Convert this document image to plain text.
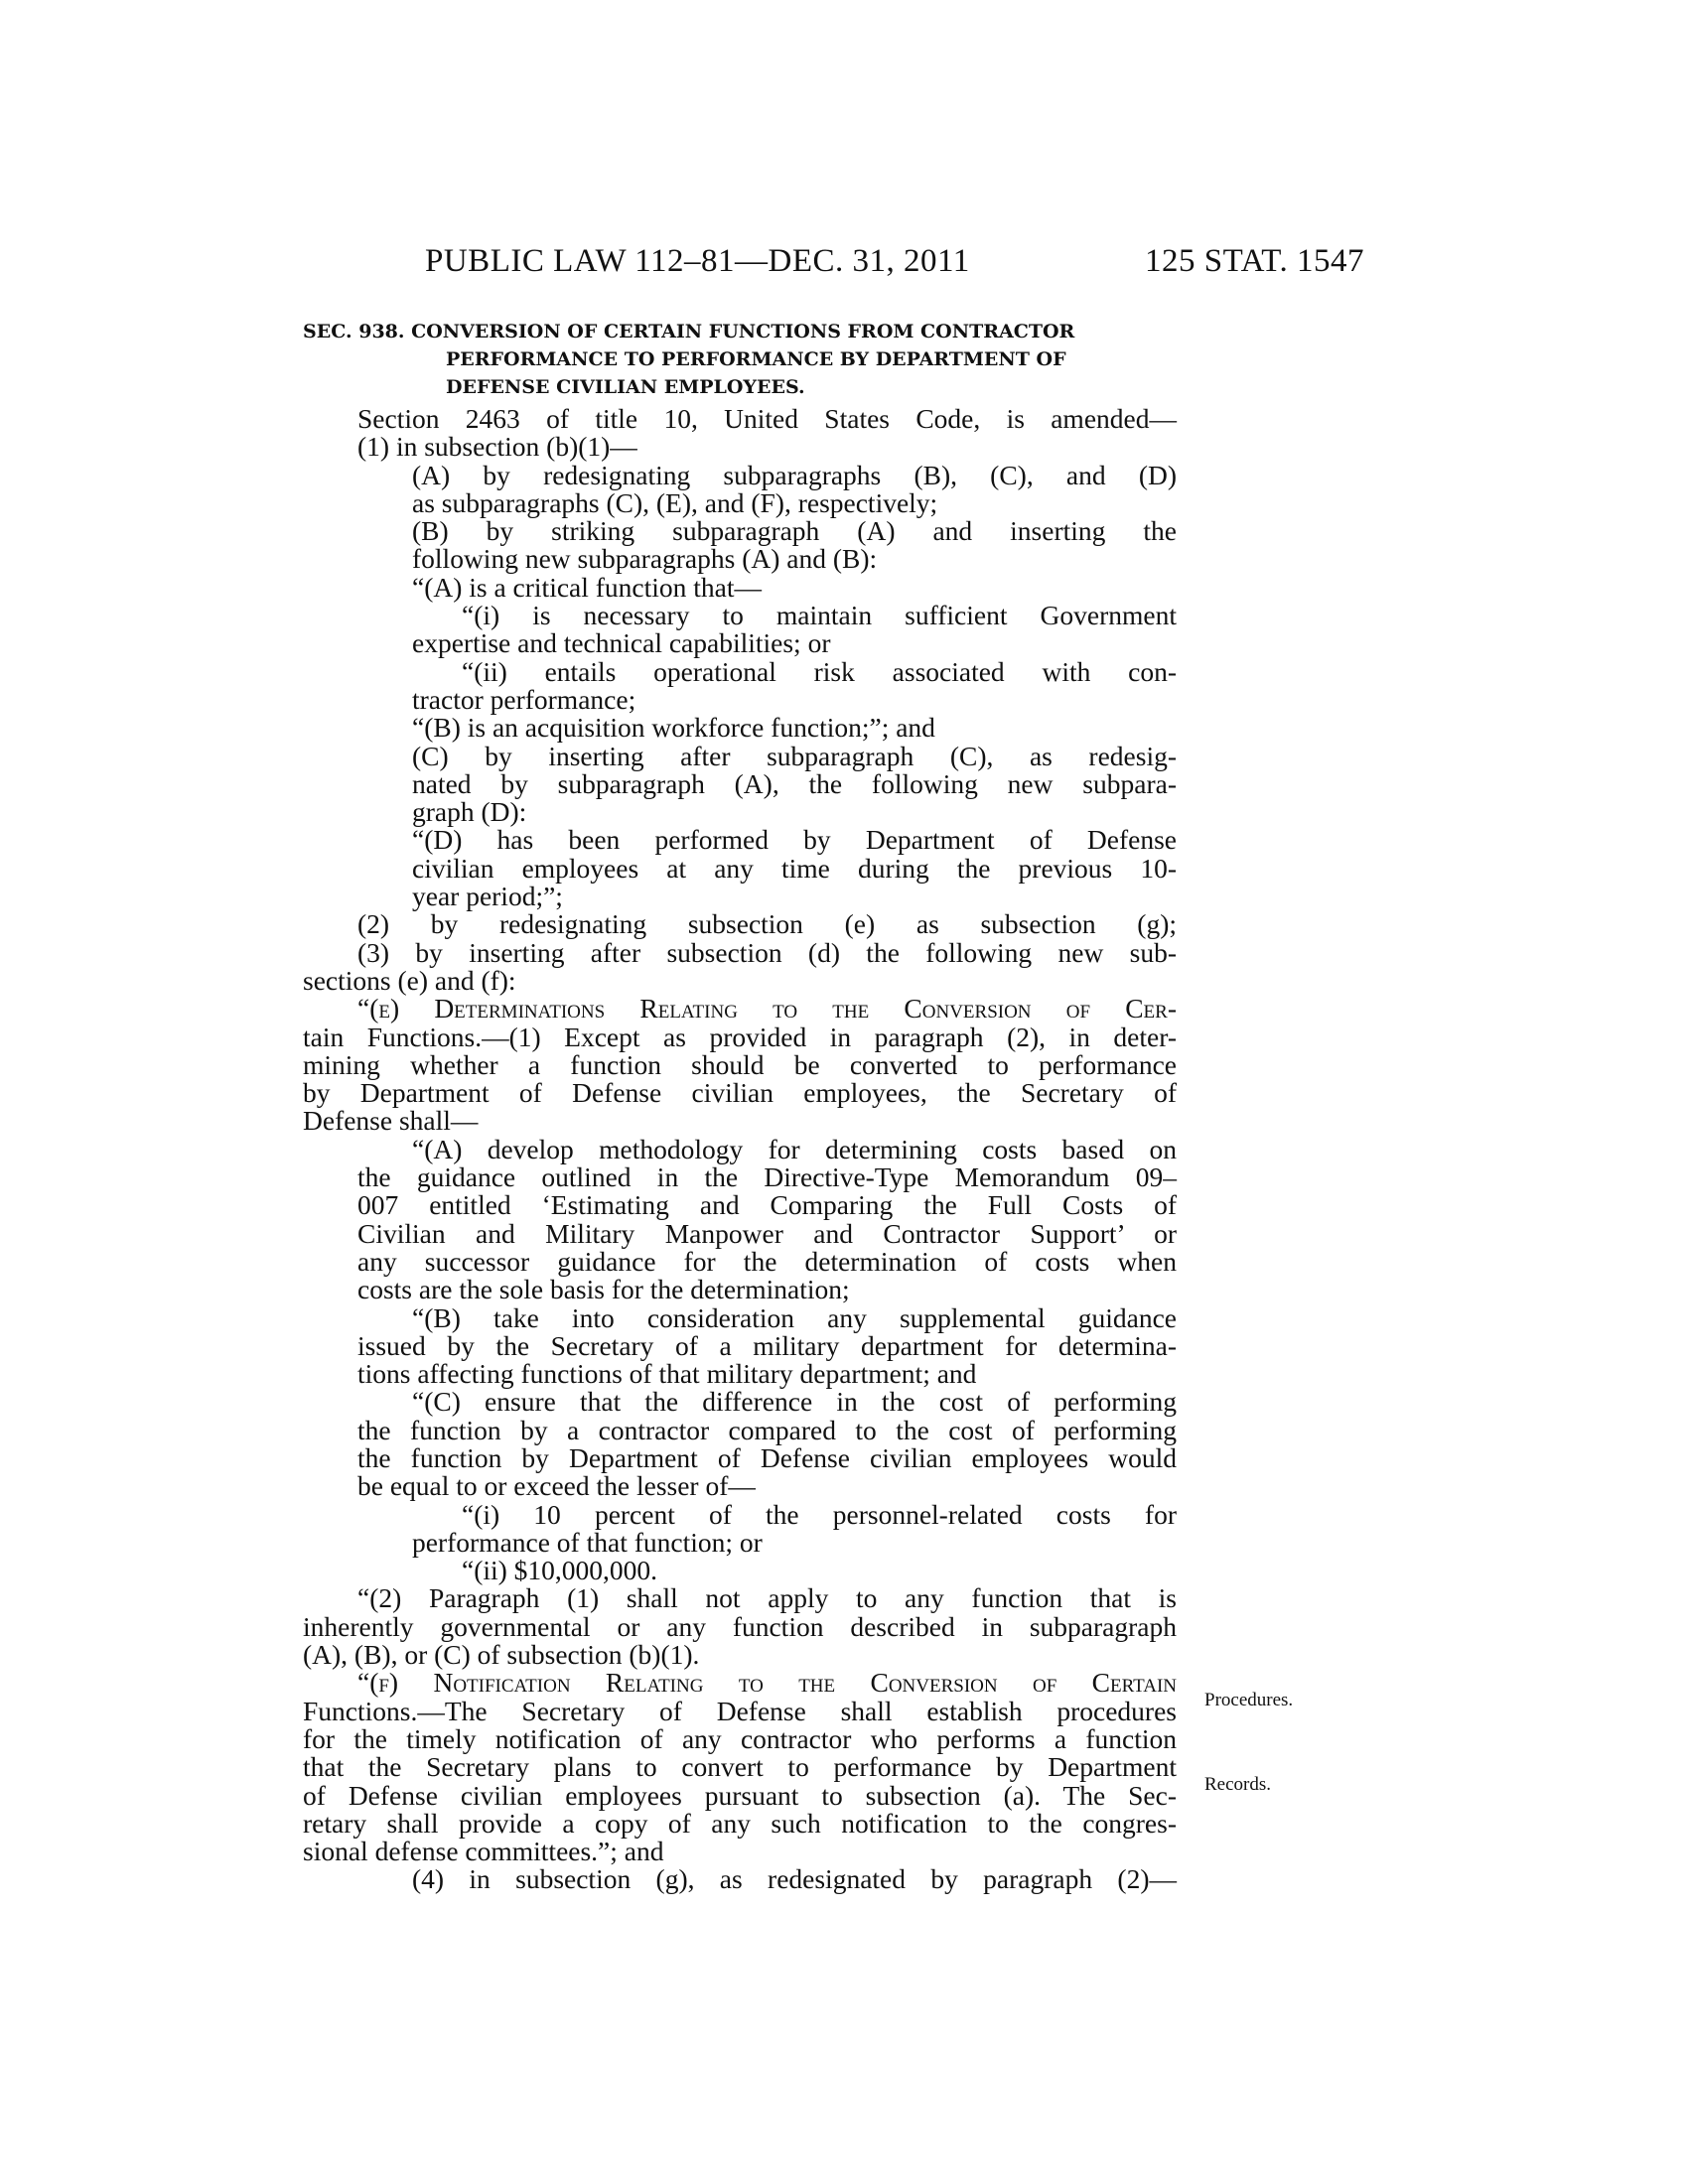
PUBLIC LAW 112–81—DEC. 31, 2011	125 STAT. 1547
SEC. 938. CONVERSION OF CERTAIN FUNCTIONS FROM CONTRACTOR
PERFORMANCE TO PERFORMANCE BY DEPARTMENT OF
DEFENSE CIVILIAN EMPLOYEES.
Section 2463 of title 10, United States Code, is amended—
(1) in subsection (b)(1)—
(A) by redesignating subparagraphs (B), (C), and (D)
as subparagraphs (C), (E), and (F), respectively;
(B) by striking subparagraph (A) and inserting the
following new subparagraphs (A) and (B):
“(A) is a critical function that—
“(i) is necessary to maintain sufficient Government
expertise and technical capabilities; or
“(ii) entails operational risk associated with con-
tractor performance;
“(B) is an acquisition workforce function;”; and
(C) by inserting after subparagraph (C), as redesig-
nated by subparagraph (A), the following new subpara-
graph (D):
“(D) has been performed by Department of Defense
civilian employees at any time during the previous 10-
year period;”;
(2) by redesignating subsection (e) as subsection (g);
(3) by inserting after subsection (d) the following new sub-
sections (e) and (f):
“(e) Determinations Relating to the Conversion of Cer-
tain Functions.—(1) Except as provided in paragraph (2), in deter-
mining whether a function should be converted to performance
by Department of Defense civilian employees, the Secretary of
Defense shall—
“(A) develop methodology for determining costs based on
the guidance outlined in the Directive-Type Memorandum 09–
007 entitled ‘Estimating and Comparing the Full Costs of
Civilian and Military Manpower and Contractor Support’ or
any successor guidance for the determination of costs when
costs are the sole basis for the determination;
“(B) take into consideration any supplemental guidance
issued by the Secretary of a military department for determina-
tions affecting functions of that military department; and
“(C) ensure that the difference in the cost of performing
the function by a contractor compared to the cost of performing
the function by Department of Defense civilian employees would
be equal to or exceed the lesser of—
“(i) 10 percent of the personnel-related costs for
performance of that function; or
“(ii) $10,000,000.
“(2) Paragraph (1) shall not apply to any function that is
inherently governmental or any function described in subparagraph
(A), (B), or (C) of subsection (b)(1).
“(f) Notification Relating to the Conversion of Certain
Functions.—The Secretary of Defense shall establish procedures
for the timely notification of any contractor who performs a function
that the Secretary plans to convert to performance by Department
of Defense civilian employees pursuant to subsection (a). The Sec-
retary shall provide a copy of any such notification to the congres-
sional defense committees.”; and
(4) in subsection (g), as redesignated by paragraph (2)—
Procedures.
Records.
